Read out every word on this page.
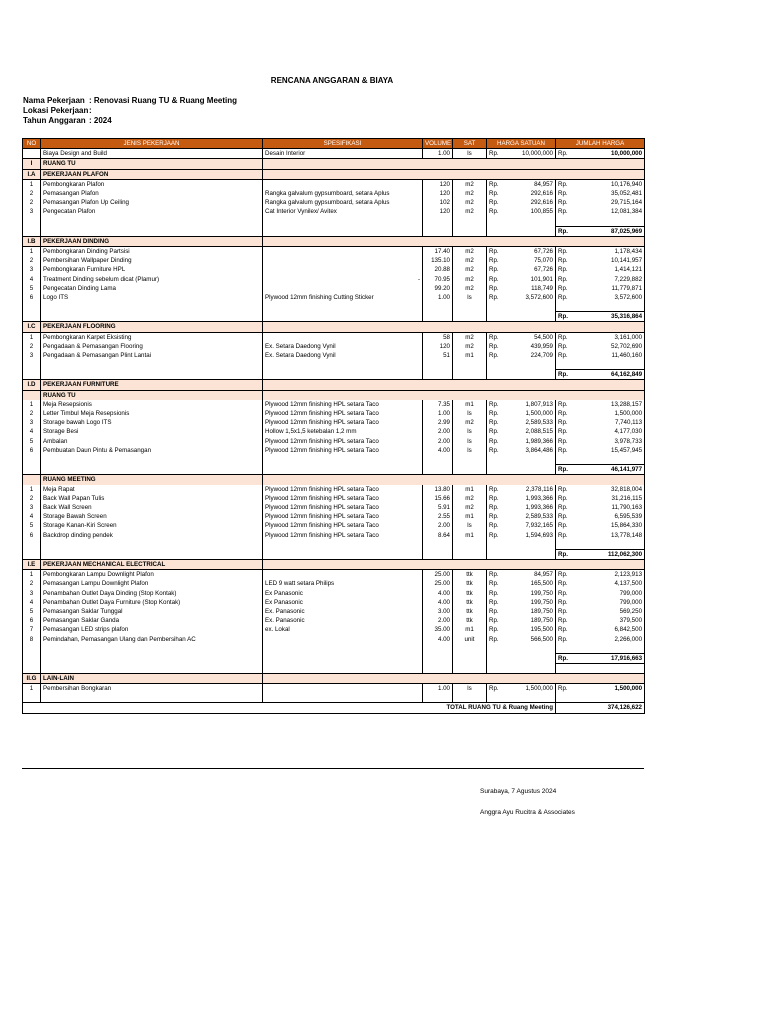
RENCANA ANGGARAN & BIAYA
Nama Pekerjaan : Renovasi Ruang TU & Ruang Meeting
Lokasi Pekerjaan :
Tahun Anggaran : 2024
NO	JENIS PEKERJAAN	SPESIFIKASI	VOLUME	SAT	HARGA SATUAN		JUMLAH HARGA	
	Biaya Design and Build	Desain Interior	1.00	ls	Rp.	10,000,000	Rp.	10,000,000
I	RUANG TU							
I.A	PEKERJAAN PLAFON							
1	Pembongkaran Plafon		120	m2	Rp.	84,957	Rp.	10,176,940
2	Pemasangan Plafon	Rangka galvalum gypsumboard, setara Aplus	120	m2	Rp.	292,616	Rp.	35,052,481
2	Pemasangan Plafon Up Ceiling	Rangka galvalum gypsumboard, setara Aplus	102	m2	Rp.	292,616	Rp.	29,715,164
3	Pengecatan Plafon	Cat Interior Vynilex/ Avitex	120	m2	Rp.	100,855	Rp.	12,081,384

							Rp.	87,025,969
I.B	PEKERJAAN DINDING							
1	Pembongkaran Dinding Partsisi		17.40	m2	Rp.	67,726	Rp.	1,178,434
2	Pembersihan Wallpaper Dinding		135.10	m2	Rp.	75,070	Rp.	10,141,957
3	Pembongkaran Furniture HPL		20.88	m2	Rp.	67,726	Rp.	1,414,121
4	Treatment Dinding sebelum dicat (Plamur)	-	70.95	m2	Rp.	101,901	Rp.	7,229,882
5	Pengecatan Dinding Lama		99.20	m2	Rp.	118,749	Rp.	11,779,871
6	Logo ITS	Plywood 12mm finishing Cutting Sticker	1.00	ls	Rp.	3,572,600	Rp.	3,572,600

							Rp.	35,316,864
I.C	PEKERJAAN FLOORING							
1	Pembongkaran Karpet Eksisting		58	m2	Rp.	54,500	Rp.	3,161,000
2	Pengadaan & Pemasangan Flooring	Ex. Setara Daedong Vynil	120	m2	Rp.	439,959	Rp.	52,702,690
3	Pengadaan & Pemasangan Plint Lantai	Ex. Setara Daedong Vynil	51	m1	Rp.	224,709	Rp.	11,460,160

							Rp.	64,162,849
I.D	PEKERJAAN FURNITURE							
	RUANG TU							
1	Meja Resepsionis	Plywood 12mm finishing HPL setara Taco	7.35	m1	Rp.	1,807,913	Rp.	13,288,157
2	Letter Timbul Meja Resepsionis	Plywood 12mm finishing HPL setara Taco	1.00	ls	Rp.	1,500,000	Rp.	1,500,000
3	Storage bawah Logo ITS	Plywood 12mm finishing HPL setara Taco	2.99	m2	Rp.	2,589,533	Rp.	7,740,113
4	Storage Besi	Hollow 1,5x1,5 ketebalan 1,2 mm	2.00	ls	Rp.	2,088,515	Rp.	4,177,030
5	Ambalan	Plywood 12mm finishing HPL setara Taco	2.00	ls	Rp.	1,989,366	Rp.	3,978,733
6	Pembuatan Daun Pintu & Pemasangan	Plywood 12mm finishing HPL setara Taco	4.00	ls	Rp.	3,864,486	Rp.	15,457,945

							Rp.	46,141,977
	RUANG MEETING							
1	Meja Rapat	Plywood 12mm finishing HPL setara Taco	13.80	m1	Rp.	2,378,116	Rp.	32,818,004
2	Back Wall Papan Tulis	Plywood 12mm finishing HPL setara Taco	15.66	m2	Rp.	1,993,366	Rp.	31,216,115
3	Back Wall Screen	Plywood 12mm finishing HPL setara Taco	5.91	m2	Rp.	1,993,366	Rp.	11,790,163
4	Storage Bawah Screen	Plywood 12mm finishing HPL setara Taco	2.55	m1	Rp.	2,589,533	Rp.	6,595,539
5	Storage Kanan-Kiri Screen	Plywood 12mm finishing HPL setara Taco	2.00	ls	Rp.	7,932,165	Rp.	15,864,330
6	Backdrop dinding pendek	Plywood 12mm finishing HPL setara Taco	8.64	m1	Rp.	1,594,693	Rp.	13,778,148

							Rp.	112,062,300
I.E	PEKERJAAN MECHANICAL ELECTRICAL							
1	Pembongkaran Lampu Downlight Plafon		25.00	ttk	Rp.	84,957	Rp.	2,123,913
2	Pemasangan Lampu Downlight Plafon	LED 9 watt setara Philips	25.00	ttk	Rp.	165,500	Rp.	4,137,500
3	Penambahan Outlet Daya Dinding (Stop Kontak)	Ex Panasonic	4.00	ttk	Rp.	199,750	Rp.	799,000
4	Penambahan Outlet Daya Furniture (Stop Kontak)	Ex Panasonic	4.00	ttk	Rp.	199,750	Rp.	799,000
5	Pemasangan Saklar Tunggal	Ex. Panasonic	3.00	ttk	Rp.	189,750	Rp.	569,250
6	Pemasangan Saklar Ganda	Ex. Panasonic	2.00	ttk	Rp.	189,750	Rp.	379,500
7	Pemasangan LED strips plafon	ex. Lokal	35.00	m1	Rp.	195,500	Rp.	6,842,500
8	Pemindahan, Pemasangan Ulang dan Pembersihan AC		4.00	unit	Rp.	566,500	Rp.	2,266,000

							Rp.	17,916,663

II.G	LAIN-LAIN							
1	Pembersihan Bongkaran		1.00	ls	Rp.	1,500,000	Rp.	1,500,000

TOTAL RUANG TU & Ruang Meeting							374,126,622	
Surabaya, 7 Agustus 2024
Anggra Ayu Rucitra & Associates
